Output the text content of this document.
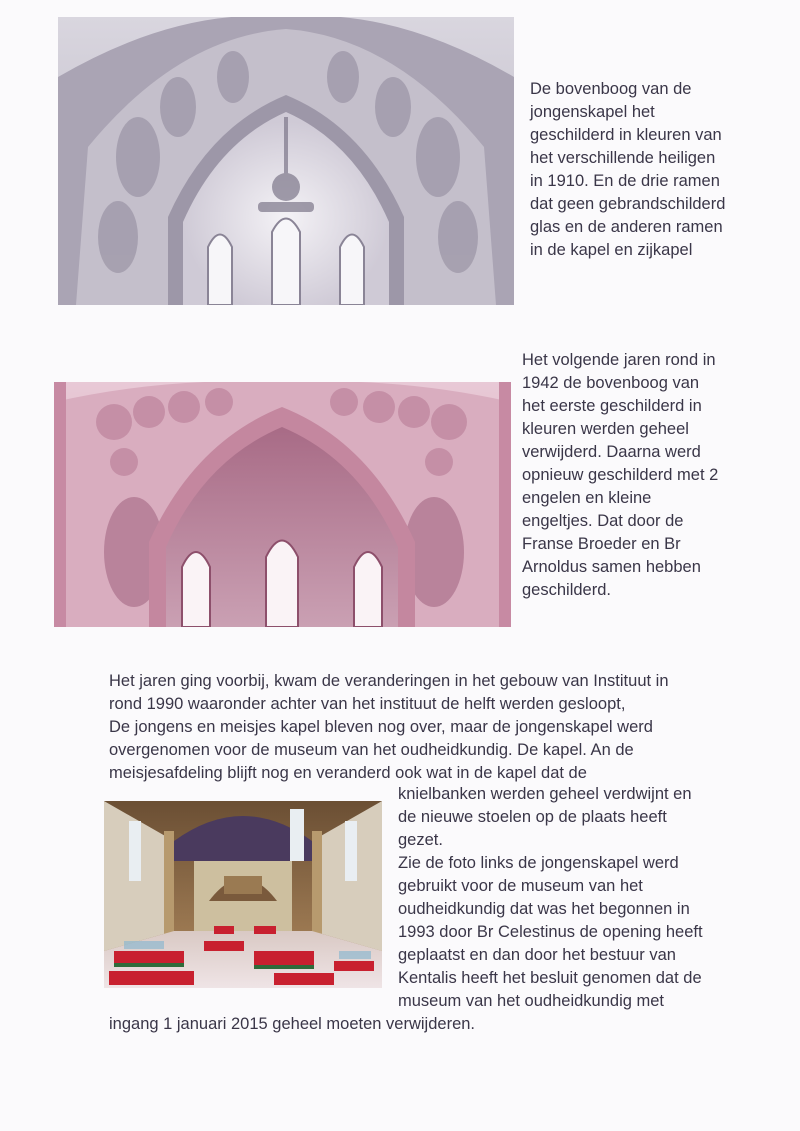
De bovenboog van de
jongenskapel het
geschilderd in kleuren van
het verschillende heiligen
in 1910. En de drie ramen
dat geen gebrandschilderd
glas en de anderen ramen
in de kapel en zijkapel
Het volgende jaren rond in
1942 de bovenboog van
het eerste geschilderd in
kleuren werden geheel
verwijderd. Daarna werd
opnieuw geschilderd met 2
engelen en kleine
engeltjes. Dat door de
Franse Broeder en Br
Arnoldus samen hebben
geschilderd.
Het jaren ging voorbij, kwam de veranderingen in het gebouw van Instituut in
rond 1990 waaronder achter van het instituut de helft werden gesloopt,
De jongens en meisjes kapel bleven nog over, maar de jongenskapel werd
overgenomen voor de museum van het oudheidkundig. De kapel. An de
meisjesafdeling blijft nog en veranderd ook wat in de kapel dat de
knielbanken werden geheel verdwijnt en
de nieuwe stoelen op de plaats heeft
gezet.
Zie de foto links de jongenskapel werd
gebruikt voor de museum van het
oudheidkundig dat was het begonnen in
1993 door Br Celestinus de opening heeft
geplaatst en dan door het bestuur van
Kentalis heeft het besluit genomen dat de
museum van het oudheidkundig met
ingang 1 januari 2015 geheel moeten verwijderen.
